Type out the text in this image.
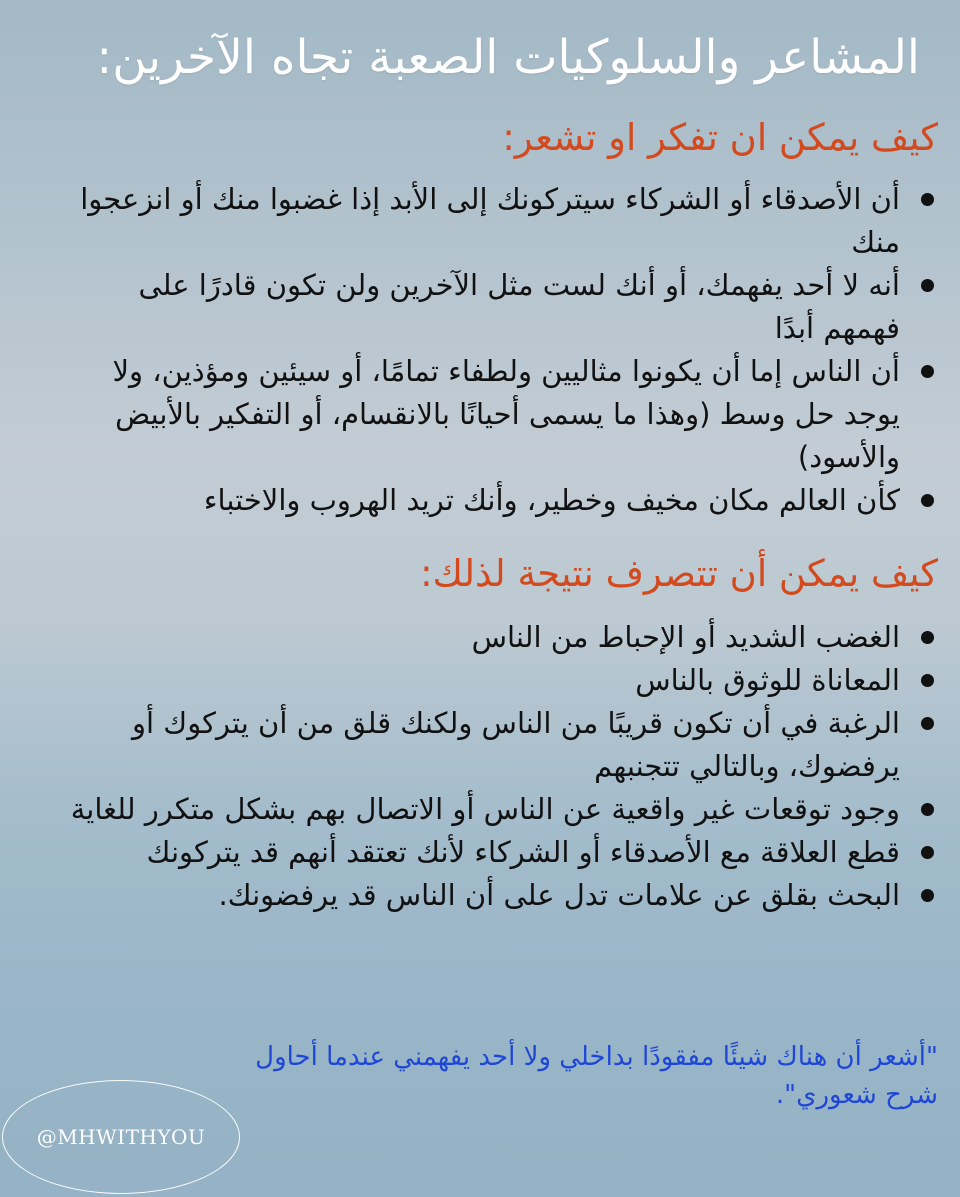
المشاعر والسلوكيات الصعبة تجاه الآخرين:
كيف يمكن ان تفكر او تشعر:
أن الأصدقاء أو الشركاء سيتركونك إلى الأبد إذا غضبوا منك أو انزعجوا منك
أنه لا أحد يفهمك، أو أنك لست مثل الآخرين ولن تكون قادرًا على فهمهم أبدًا
أن الناس إما أن يكونوا مثاليين ولطفاء تمامًا، أو سيئين ومؤذين، ولا يوجد حل وسط (وهذا ما يسمى أحيانًا بالانقسام، أو التفكير بالأبيض والأسود)
كأن العالم مكان مخيف وخطير، وأنك تريد الهروب والاختباء
كيف يمكن أن تتصرف نتيجة لذلك:
الغضب الشديد أو الإحباط من الناس
المعاناة للوثوق بالناس
الرغبة في أن تكون قريبًا من الناس ولكنك قلق من أن يتركوك أو يرفضوك، وبالتالي تتجنبهم
وجود توقعات غير واقعية عن الناس أو الاتصال بهم بشكل متكرر للغاية
قطع العلاقة مع الأصدقاء أو الشركاء لأنك تعتقد أنهم قد يتركونك
البحث بقلق عن علامات تدل على أن الناس قد يرفضونك.

"أشعر أن هناك شيئًا مفقودًا بداخلي ولا أحد يفهمني عندما أحاول شرح شعوري".

@MHWITHYOU
